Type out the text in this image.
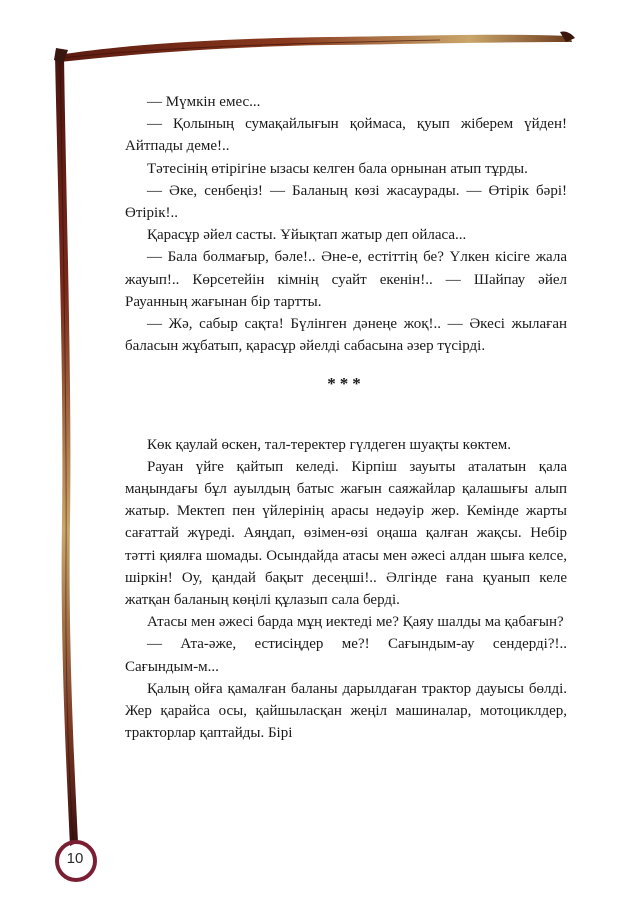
— Мүмкін емес...

— Қолының сумақайлығын қоймаса, қуып жіберем үйден! Айтпады деме!..

Тәтесінің өтірігіне ызасы келген бала орнынан атып тұрды.

— Әке, сенбеңіз! — Баланың көзі жасаурады. — Өтірік бәрі! Өтірік!..

Қарасұр әйел састы. Ұйықтап жатыр деп ойласа...

— Бала болмағыр, бәле!.. Әне-е, естіттің бе? Үлкен кісіге жала жауып!.. Көрсетейін кімнің суайт екенін!.. — Шайпау әйел Рауанның жағынан бір тартты.

— Жә, сабыр сақта! Бүлінген дәнеңе жоқ!.. — Әкесі жылаған баласын жұбатып, қарасұр әйелді сабасына әзер түсірді.

***

Көк қаулай өскен, тал-теректер гүлдеген шуақты көктем.

Рауан үйге қайтып келеді. Кірпіш зауыты аталатын қала маңындағы бұл ауылдың батыс жағын саяжайлар қалашығы алып жатыр. Мектеп пен үйлерінің арасы недәуір жер. Кемінде жарты сағаттай жүреді. Аяңдап, өзімен-өзі оңаша қалған жақсы. Небір тәтті қиялға шомады. Осындайда атасы мен әжесі алдан шыға келсе, шіркін! Оу, қандай бақыт десеңші!.. Әлгінде ғана қуанып келе жатқан баланың көңілі құлазып сала берді.

Атасы мен әжесі барда мұң иектеді ме? Қаяу шалды ма қабағын?

— Ата-әже, естисіңдер ме?! Сағындым-ау сендерді?!.. Сағындым-м...

Қалың ойға қамалған баланы дарылдаған трактор дауысы бөлді. Жер қарайса осы, қайшыласқан жеңіл машиналар, мотоциклдер, тракторлар қаптайды. Бірі

10
